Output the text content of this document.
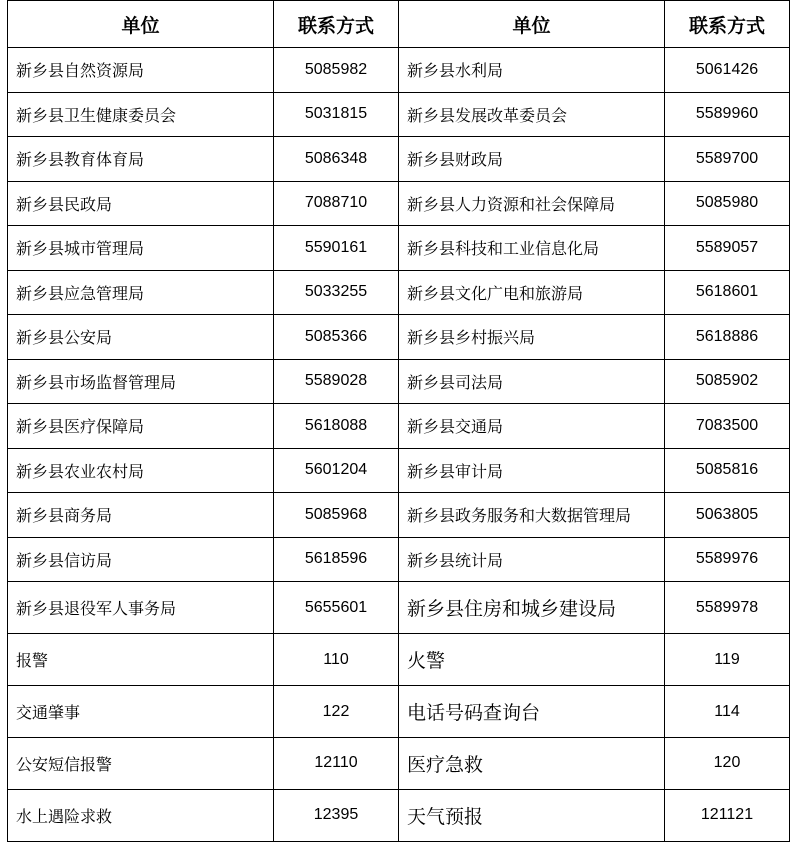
单位	联系方式	单位	联系方式
新乡县自然资源局	5085982	新乡县水利局	5061426
新乡县卫生健康委员会	5031815	新乡县发展改革委员会	5589960
新乡县教育体育局	5086348	新乡县财政局	5589700
新乡县民政局	7088710	新乡县人力资源和社会保障局	5085980
新乡县城市管理局	5590161	新乡县科技和工业信息化局	5589057
新乡县应急管理局	5033255	新乡县文化广电和旅游局	5618601
新乡县公安局	5085366	新乡县乡村振兴局	5618886
新乡县市场监督管理局	5589028	新乡县司法局	5085902
新乡县医疗保障局	5618088	新乡县交通局	7083500
新乡县农业农村局	5601204	新乡县审计局	5085816
新乡县商务局	5085968	新乡县政务服务和大数据管理局	5063805
新乡县信访局	5618596	新乡县统计局	5589976
新乡县退役军人事务局	5655601	新乡县住房和城乡建设局	5589978
报警	110	火警	119
交通肇事	122	电话号码查询台	114
公安短信报警	12110	医疗急救	120
水上遇险求救	12395	天气预报	121121
